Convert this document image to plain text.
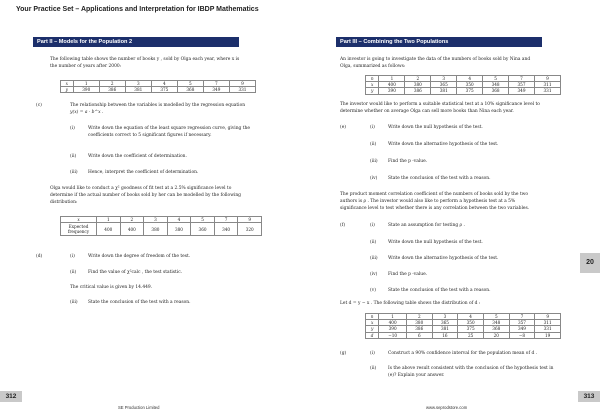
Your Practice Set – Applications and Interpretation for IBDP Mathematics
Part II – Models for the Population 2
The following table shows the number of books y , sold by Olga each year, where x is
the number of years after 2000:
x	1	2	3	4	5	7	9
y	390	386	381	375	368	349	331
(c)	The relationship between the variables is modelled by the regression equation
y(x) = a · b^x .
(i)	Write down the equation of the least square regression curve, giving the
coefficients correct to 5 significant figures if necessary.
(ii)	Write down the coefficient of determination.
(iii) Hence, interpret the coefficient of determination.
Olga would like to conduct a χ² goodness of fit test at a 2.5% significance level to
determine if the actual number of books sold by her can be modelled by the following
distribution:
x	1	2	3	4	5	7	9

Expected
frequency	400	400	380	380	360	340	320
(d)	(i)	Write down the degree of freedom of the test.
(ii)	Find the value of χ²calc , the test statistic.
The critical value is given by 14.449.
(iii) State the conclusion of the test with a reason.
Part III – Combining the Two Populations
An investor is going to investigate the data of the numbers of books sold by Nina and
Olga, summarized as follows:
n	1	2	3	4	5	7	9
x	400	380	365	350	348	357	311
y	390	386	381	375	368	349	331
The investor would like to perform a suitable statistical test at a 10% significance level to
determine whether on average Olga can sell more books than Nina each year.
(e)	(i)	Write down the null hypothesis of the test.
(ii)	Write down the alternative hypothesis of the test.
(iii) Find the p -value.
(iv) State the conclusion of the test with a reason.
The product moment correlation coefficient of the numbers of books sold by the two
authors is ρ . The investor would also like to perform a hypothesis test at a 5%
significance level to test whether there is any correlation between the two variables.
(f)	(i)	State an assumption for testing ρ .
(ii)	Write down the null hypothesis of the test.
(iii) Write down the alternative hypothesis of the test.
(iv) Find the p -value.
(v)	State the conclusion of the test with a reason.
Let d = y − x . The following table shows the distribution of d :
n	1	2	3	4	5	7	9
x	400	380	365	350	348	357	311
y	390	386	381	375	368	349	331
d	−10	6	16	25	20	−8	19
(g)	(i)	Construct a 90% confidence interval for the population mean of d .
(ii)	Is the above result consistent with the conclusion of the hypothesis test in
(e)? Explain your answer.
20
312	313
SE Production Limited	www.seprodstore.com
